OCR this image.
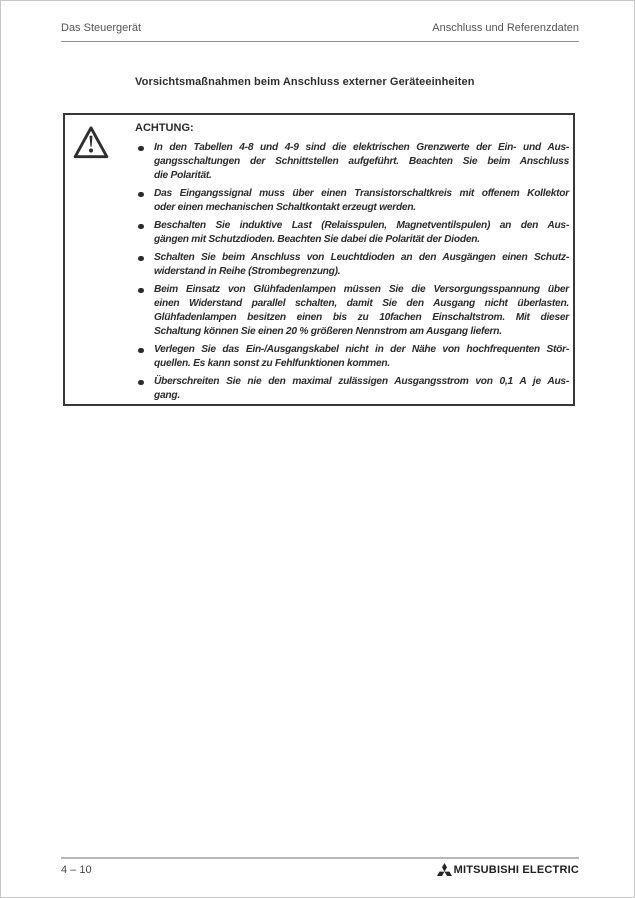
Das Steuergerät	Anschluss und Referenzdaten
Vorsichtsmaßnahmen beim Anschluss externer Geräteeinheiten
ACHTUNG:
In den Tabellen 4-8 und 4-9 sind die elektrischen Grenzwerte der Ein- und Aus-
gangsschaltungen der Schnittstellen aufgeführt. Beachten Sie beim Anschluss
die Polarität.
Das Eingangssignal muss über einen Transistorschaltkreis mit offenem Kollektor
oder einen mechanischen Schaltkontakt erzeugt werden.
Beschalten Sie induktive Last (Relaisspulen, Magnetventilspulen) an den Aus-
gängen mit Schutzdioden. Beachten Sie dabei die Polarität der Dioden.
Schalten Sie beim Anschluss von Leuchtdioden an den Ausgängen einen Schutz-
widerstand in Reihe (Strombegrenzung).
Beim Einsatz von Glühfadenlampen müssen Sie die Versorgungsspannung über
einen Widerstand parallel schalten, damit Sie den Ausgang nicht überlasten.
Glühfadenlampen besitzen einen bis zu 10fachen Einschaltstrom. Mit dieser
Schaltung können Sie einen 20 % größeren Nennstrom am Ausgang liefern.
Verlegen Sie das Ein-/Ausgangskabel nicht in der Nähe von hochfrequenten Stör-
quellen. Es kann sonst zu Fehlfunktionen kommen.
Überschreiten Sie nie den maximal zulässigen Ausgangsstrom von 0,1 A je Aus-
gang.
4 – 10	MITSUBISHI ELECTRIC
